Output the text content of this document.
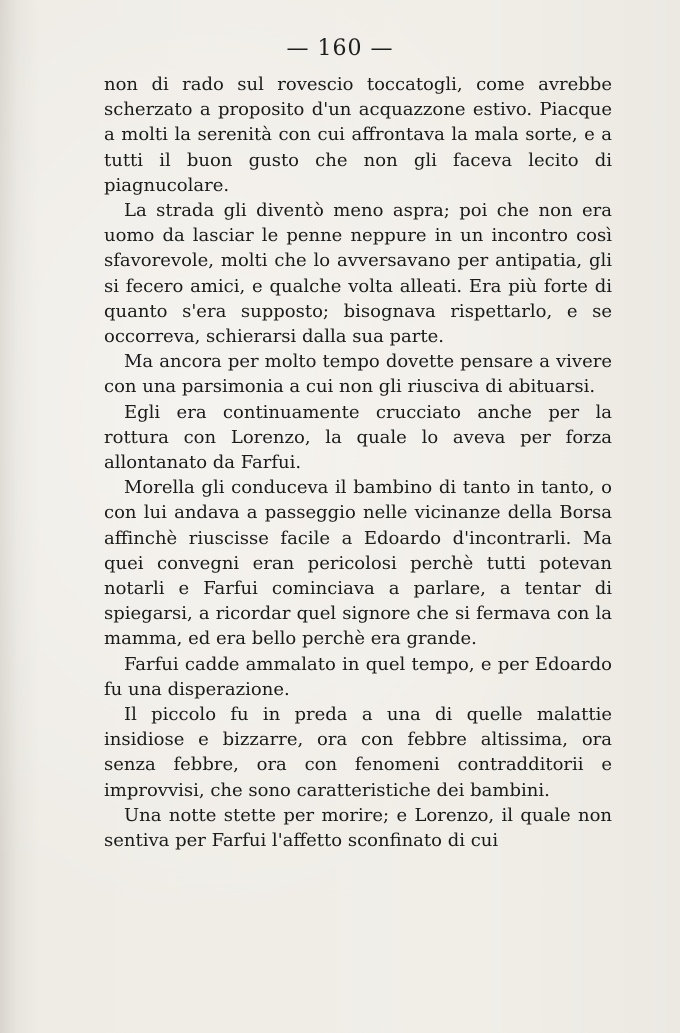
— 160 —

non di rado sul rovescio toccatogli, come avrebbe scherzato a proposito d'un acquazzone estivo. Piacque a molti la serenità con cui affrontava la mala sorte, e a tutti il buon gusto che non gli faceva lecito di piagnucolare.

La strada gli diventò meno aspra; poi che non era uomo da lasciar le penne neppure in un incontro così sfavorevole, molti che lo avversavano per antipatia, gli si fecero amici, e qualche volta alleati. Era più forte di quanto s'era supposto; bisognava rispettarlo, e se occorreva, schierarsi dalla sua parte.

Ma ancora per molto tempo dovette pensare a vivere con una parsimonia a cui non gli riusciva di abituarsi.

Egli era continuamente crucciato anche per la rottura con Lorenzo, la quale lo aveva per forza allontanato da Farfui.

Morella gli conduceva il bambino di tanto in tanto, o con lui andava a passeggio nelle vicinanze della Borsa affinchè riuscisse facile a Edoardo d'incontrarli. Ma quei convegni eran pericolosi perchè tutti potevan notarli e Farfui cominciava a parlare, a tentar di spiegarsi, a ricordar quel signore che si fermava con la mamma, ed era bello perchè era grande.

Farfui cadde ammalato in quel tempo, e per Edoardo fu una disperazione.

Il piccolo fu in preda a una di quelle malattie insidiose e bizzarre, ora con febbre altissima, ora senza febbre, ora con fenomeni contradditorii e improvvisi, che sono caratteristiche dei bambini.

Una notte stette per morire; e Lorenzo, il quale non sentiva per Farfui l'affetto sconfinato di cui
